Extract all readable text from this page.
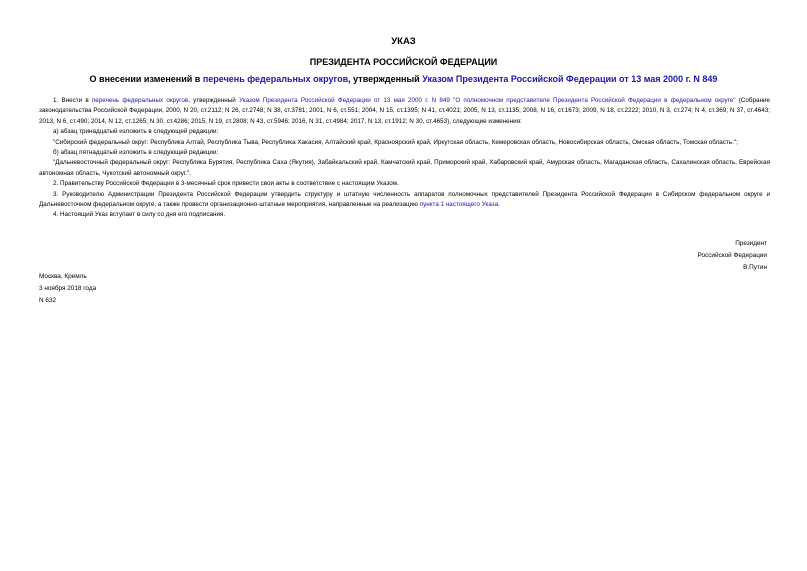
УКАЗ
ПРЕЗИДЕНТА РОССИЙСКОЙ ФЕДЕРАЦИИ
О внесении изменений в перечень федеральных округов, утвержденный Указом Президента Российской Федерации от 13 мая 2000 г. N 849

1. Внести в перечень федеральных округов, утвержденный Указом Президента Российской Федерации от 13 мая 2000 г. N 849 "О полномочном представителе Президента Российской Федерации в федеральном округе" (Собрание законодательства Российской Федерации, 2000, N 20, ст.2112; N 26, ст.2748; N 38, ст.3781; 2001, N 6, ст.551; 2004, N 15, ст.1395; N 41, ст.4021; 2005, N 13, ст.1135; 2008, N 16, ст.1673; 2009, N 18, ст.2222; 2010, N 3, ст.274; N 4, ст.369; N 37, ст.4643; 2013, N 6, ст.490; 2014, N 12, ст.1265; N 30, ст.4286; 2015, N 19, ст.2808; N 43, ст.5946; 2016, N 31, ст.4984; 2017, N 13, ст.1912; N 30, ст.4653), следующие изменения:

а) абзац тринадцатый изложить в следующей редакции:

"Сибирский федеральный округ: Республика Алтай, Республика Тыва, Республика Хакасия, Алтайский край, Красноярский край, Иркутская область, Кемеровская область, Новосибирская область, Омская область, Томская область.";

б) абзац пятнадцатый изложить в следующей редакции:

"Дальневосточный федеральный округ: Республика Бурятия, Республика Саха (Якутия), Забайкальский край, Камчатский край, Приморский край, Хабаровский край, Амурская область, Магаданская область, Сахалинская область, Еврейская автономная область, Чукотский автономный округ.".

2. Правительству Российской Федерации в 3-месячный срок привести свои акты в соответствие с настоящим Указом.

3. Руководителю Администрации Президента Российской Федерации утвердить структуру и штатную численность аппаратов полномочных представителей Президента Российской Федерации в Сибирском федеральном округе и Дальневосточном федеральном округе, а также провести организационно-штатные мероприятия, направленные на реализацию пункта 1 настоящего Указа.

4. Настоящий Указ вступает в силу со дня его подписания.

Президент
Российской Федерации
В.Путин
Москва, Кремль
3 ноября 2018 года
N 632
